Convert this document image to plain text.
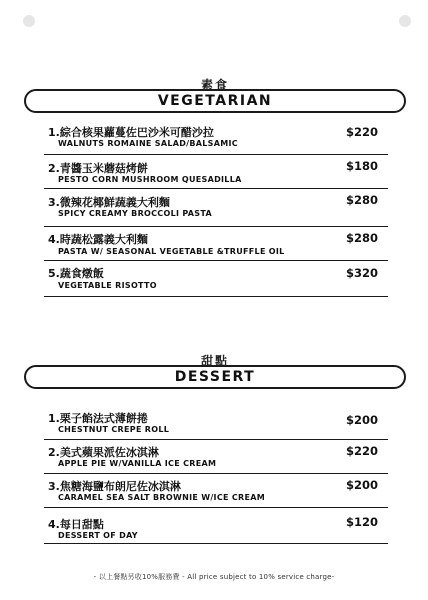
素食
VEGETARIAN
1.綜合核果蘿蔓佐巴沙米可醋沙拉
WALNUTS ROMAINE SALAD/BALSAMIC
$220
2.青醬玉米蘑菇烤餅
PESTO CORN MUSHROOM QUESADILLA
$180
3.微辣花椰鮮蔬義大利麵
SPICY CREAMY BROCCOLI PASTA
$280
4.時蔬松露義大利麵
PASTA W/ SEASONAL VEGETABLE &TRUFFLE OIL
$280
5.蔬食燉飯
VEGETABLE RISOTTO
$320
甜點
DESSERT
1.栗子餡法式薄餅捲
CHESTNUT CREPE ROLL
$200
2.美式蘋果派佐冰淇淋
APPLE PIE W/VANILLA ICE CREAM
$220
3.焦糖海鹽布朗尼佐冰淇淋
CARAMEL SEA SALT BROWNIE W/ICE CREAM
$200
4.每日甜點
DESSERT OF DAY
$120
- 以上餐點另收10%服務費 - All price subject to 10% service charge-
